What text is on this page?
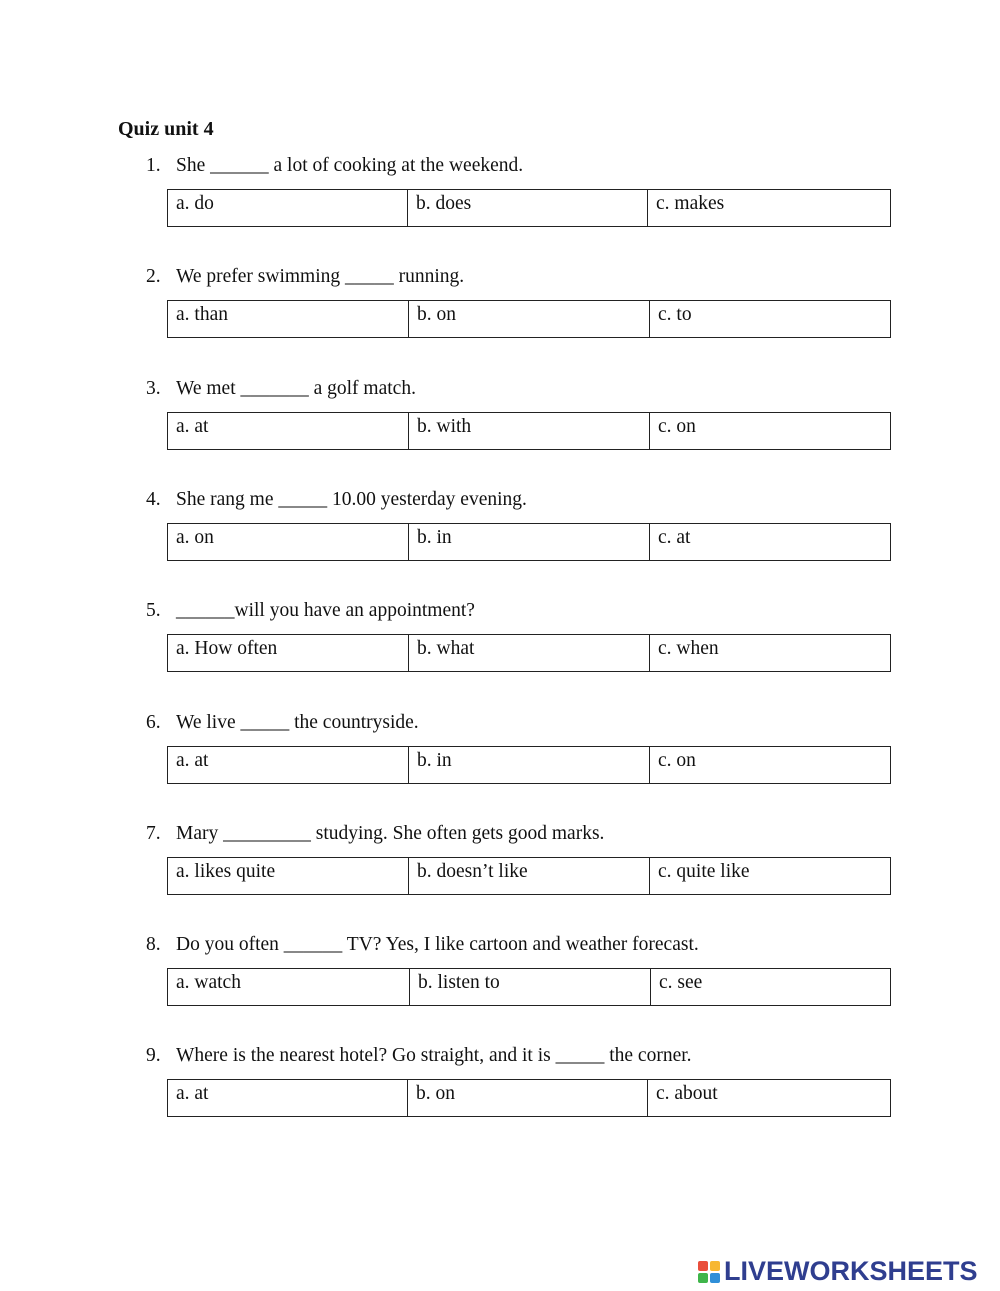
Quiz unit 4
1. She ______ a lot of cooking at the weekend.
a. do	b. does	c. makes
2. We prefer swimming _____ running.
a. than	b. on	c. to
3. We met _______ a golf match.
a. at	b. with	c. on
4. She rang me _____ 10.00 yesterday evening.
a. on	b. in	c. at
5. ______will you have an appointment?
a. How often	b. what	c. when
6. We live _____ the countryside.
a. at	b. in	c. on
7. Mary _________ studying. She often gets good marks.
a. likes quite	b. doesn’t like	c. quite like
8. Do you often ______ TV? Yes, I like cartoon and weather forecast.
a. watch	b. listen to	c. see
9. Where is the nearest hotel? Go straight, and it is _____ the corner.
a. at	b. on	c. about
LIVEWORKSHEETS
